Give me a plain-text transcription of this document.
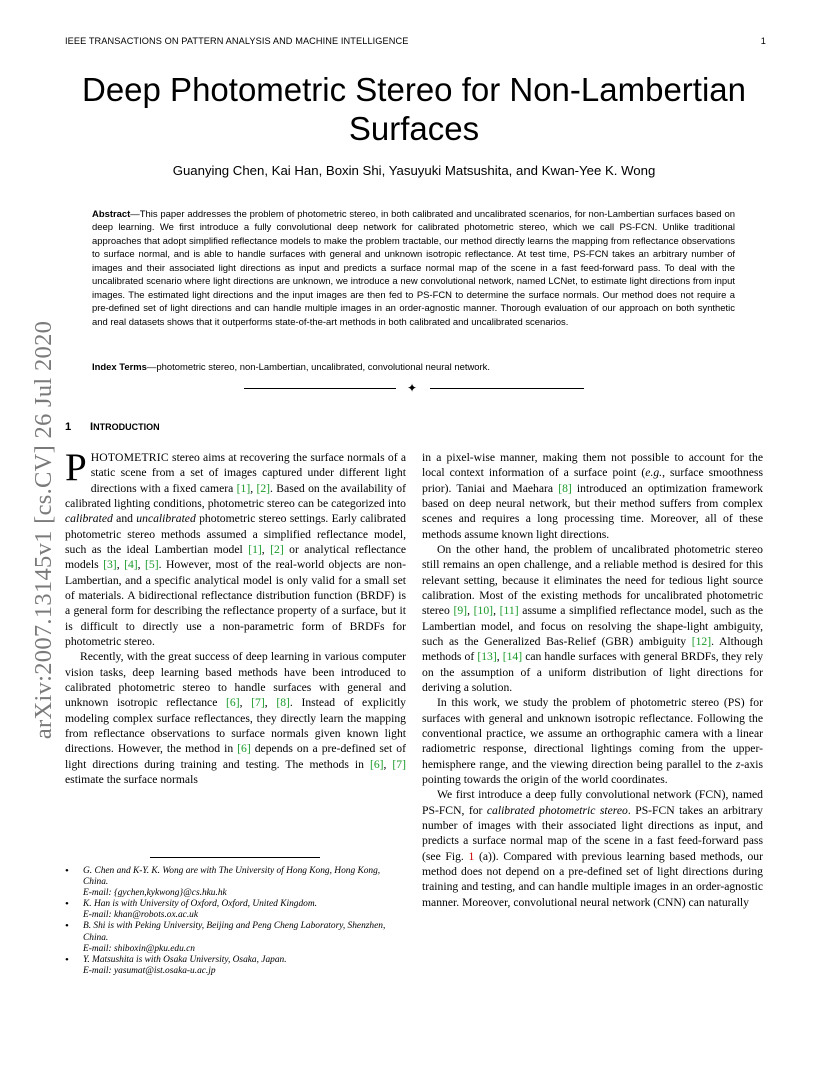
IEEE TRANSACTIONS ON PATTERN ANALYSIS AND MACHINE INTELLIGENCE	1
arXiv:2007.13145v1 [cs.CV] 26 Jul 2020
Deep Photometric Stereo for Non-Lambertian
Surfaces
Guanying Chen, Kai Han, Boxin Shi, Yasuyuki Matsushita, and Kwan-Yee K. Wong
Abstract—This paper addresses the problem of photometric stereo, in both calibrated and uncalibrated scenarios, for non-Lambertian surfaces based on deep learning. We first introduce a fully convolutional deep network for calibrated photometric stereo, which we call PS-FCN. Unlike traditional approaches that adopt simplified reflectance models to make the problem tractable, our method directly learns the mapping from reflectance observations to surface normal, and is able to handle surfaces with general and unknown isotropic reflectance. At test time, PS-FCN takes an arbitrary number of images and their associated light directions as input and predicts a surface normal map of the scene in a fast feed-forward pass. To deal with the uncalibrated scenario where light directions are unknown, we introduce a new convolutional network, named LCNet, to estimate light directions from input images. The estimated light directions and the input images are then fed to PS-FCN to determine the surface normals. Our method does not require a pre-defined set of light directions and can handle multiple images in an order-agnostic manner. Thorough evaluation of our approach on both synthetic and real datasets shows that it outperforms state-of-the-art methods in both calibrated and uncalibrated scenarios.
Index Terms—photometric stereo, non-Lambertian, uncalibrated, convolutional neural network.
✦
1 INTRODUCTION

PHOTOMETRIC stereo aims at recovering the surface normals of a static scene from a set of images captured under different light directions with a fixed camera [1], [2]. Based on the availability of calibrated lighting conditions, photometric stereo can be categorized into calibrated and uncalibrated photometric stereo settings. Early calibrated photometric stereo methods assumed a simplified reflectance model, such as the ideal Lambertian model [1], [2] or analytical reflectance models [3], [4], [5]. However, most of the real-world objects are non-Lambertian, and a specific analytical model is only valid for a small set of materials. A bidirectional reflectance distribution function (BRDF) is a general form for describing the reflectance property of a surface, but it is difficult to directly use a non-parametric form of BRDFs for photometric stereo.

Recently, with the great success of deep learning in various computer vision tasks, deep learning based methods have been introduced to calibrated photometric stereo to handle surfaces with general and unknown isotropic reflectance [6], [7], [8]. Instead of explicitly modeling complex surface reflectances, they directly learn the mapping from reflectance observations to surface normals given known light directions. However, the method in [6] depends on a pre-defined set of light directions during training and testing. The methods in [6], [7] estimate the surface normals

• G. Chen and K-Y. K. Wong are with The University of Hong Kong, Hong Kong, China.
E-mail: {gychen,kykwong}@cs.hku.hk
• K. Han is with University of Oxford, Oxford, United Kingdom.
E-mail: khan@robots.ox.ac.uk
• B. Shi is with Peking University, Beijing and Peng Cheng Laboratory, Shenzhen, China.
E-mail: shiboxin@pku.edu.cn
• Y. Matsushita is with Osaka University, Osaka, Japan.
E-mail: yasumat@ist.osaka-u.ac.jp

in a pixel-wise manner, making them not possible to account for the local context information of a surface point (e.g., surface smoothness prior). Taniai and Maehara [8] introduced an optimization framework based on deep neural network, but their method suffers from complex scenes and requires a long processing time. Moreover, all of these methods assume known light directions.

On the other hand, the problem of uncalibrated photometric stereo still remains an open challenge, and a reliable method is desired for this relevant setting, because it eliminates the need for tedious light source calibration. Most of the existing methods for uncalibrated photometric stereo [9], [10], [11] assume a simplified reflectance model, such as the Lambertian model, and focus on resolving the shape-light ambiguity, such as the Generalized Bas-Relief (GBR) ambiguity [12]. Although methods of [13], [14] can handle surfaces with general BRDFs, they rely on the assumption of a uniform distribution of light directions for deriving a solution.

In this work, we study the problem of photometric stereo (PS) for surfaces with general and unknown isotropic reflectance. Following the conventional practice, we assume an orthographic camera with a linear radiometric response, directional lightings coming from the upper-hemisphere range, and the viewing direction being parallel to the z-axis pointing towards the origin of the world coordinates.

We first introduce a deep fully convolutional network (FCN), named PS-FCN, for calibrated photometric stereo. PS-FCN takes an arbitrary number of images with their associated light directions as input, and predicts a surface normal map of the scene in a fast feed-forward pass (see Fig. 1 (a)). Compared with previous learning based methods, our method does not depend on a pre-defined set of light directions during training and testing, and can handle multiple images in an order-agnostic manner. Moreover, convolutional neural network (CNN) can naturally
